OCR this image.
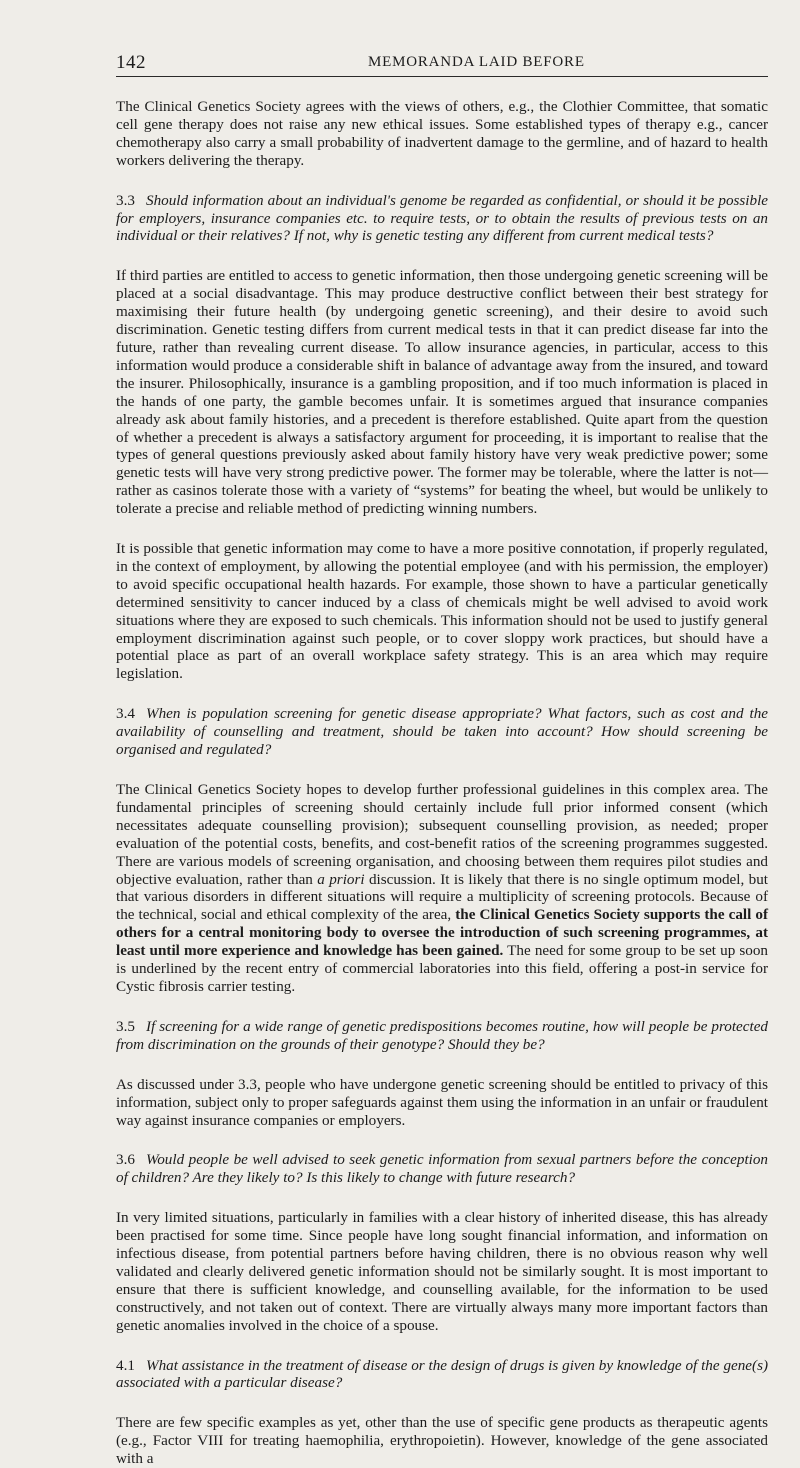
142	MEMORANDA LAID BEFORE

The Clinical Genetics Society agrees with the views of others, e.g., the Clothier Committee, that somatic cell gene therapy does not raise any new ethical issues. Some established types of therapy e.g., cancer chemotherapy also carry a small probability of inadvertent damage to the germline, and of hazard to health workers delivering the therapy.

3.3 Should information about an individual's genome be regarded as confidential, or should it be possible for employers, insurance companies etc. to require tests, or to obtain the results of previous tests on an individual or their relatives? If not, why is genetic testing any different from current medical tests?

If third parties are entitled to access to genetic information, then those undergoing genetic screening will be placed at a social disadvantage. This may produce destructive conflict between their best strategy for maximising their future health (by undergoing genetic screening), and their desire to avoid such discrimination. Genetic testing differs from current medical tests in that it can predict disease far into the future, rather than revealing current disease. To allow insurance agencies, in particular, access to this information would produce a considerable shift in balance of advantage away from the insured, and toward the insurer. Philosophically, insurance is a gambling proposition, and if too much information is placed in the hands of one party, the gamble becomes unfair. It is sometimes argued that insurance companies already ask about family histories, and a precedent is therefore established. Quite apart from the question of whether a precedent is always a satisfactory argument for proceeding, it is important to realise that the types of general questions previously asked about family history have very weak predictive power; some genetic tests will have very strong predictive power. The former may be tolerable, where the latter is not—rather as casinos tolerate those with a variety of “systems” for beating the wheel, but would be unlikely to tolerate a precise and reliable method of predicting winning numbers.

It is possible that genetic information may come to have a more positive connotation, if properly regulated, in the context of employment, by allowing the potential employee (and with his permission, the employer) to avoid specific occupational health hazards. For example, those shown to have a particular genetically determined sensitivity to cancer induced by a class of chemicals might be well advised to avoid work situations where they are exposed to such chemicals. This information should not be used to justify general employment discrimination against such people, or to cover sloppy work practices, but should have a potential place as part of an overall workplace safety strategy. This is an area which may require legislation.

3.4 When is population screening for genetic disease appropriate? What factors, such as cost and the availability of counselling and treatment, should be taken into account? How should screening be organised and regulated?

The Clinical Genetics Society hopes to develop further professional guidelines in this complex area. The fundamental principles of screening should certainly include full prior informed consent (which necessitates adequate counselling provision); subsequent counselling provision, as needed; proper evaluation of the potential costs, benefits, and cost-benefit ratios of the screening programmes suggested. There are various models of screening organisation, and choosing between them requires pilot studies and objective evaluation, rather than a priori discussion. It is likely that there is no single optimum model, but that various disorders in different situations will require a multiplicity of screening protocols. Because of the technical, social and ethical complexity of the area, the Clinical Genetics Society supports the call of others for a central monitoring body to oversee the introduction of such screening programmes, at least until more experience and knowledge has been gained. The need for some group to be set up soon is underlined by the recent entry of commercial laboratories into this field, offering a post-in service for Cystic fibrosis carrier testing.

3.5 If screening for a wide range of genetic predispositions becomes routine, how will people be protected from discrimination on the grounds of their genotype? Should they be?

As discussed under 3.3, people who have undergone genetic screening should be entitled to privacy of this information, subject only to proper safeguards against them using the information in an unfair or fraudulent way against insurance companies or employers.

3.6 Would people be well advised to seek genetic information from sexual partners before the conception of children? Are they likely to? Is this likely to change with future research?

In very limited situations, particularly in families with a clear history of inherited disease, this has already been practised for some time. Since people have long sought financial information, and information on infectious disease, from potential partners before having children, there is no obvious reason why well validated and clearly delivered genetic information should not be similarly sought. It is most important to ensure that there is sufficient knowledge, and counselling available, for the information to be used constructively, and not taken out of context. There are virtually always many more important factors than genetic anomalies involved in the choice of a spouse.

4.1 What assistance in the treatment of disease or the design of drugs is given by knowledge of the gene(s) associated with a particular disease?

There are few specific examples as yet, other than the use of specific gene products as therapeutic agents (e.g., Factor VIII for treating haemophilia, erythropoietin). However, knowledge of the gene associated with a
